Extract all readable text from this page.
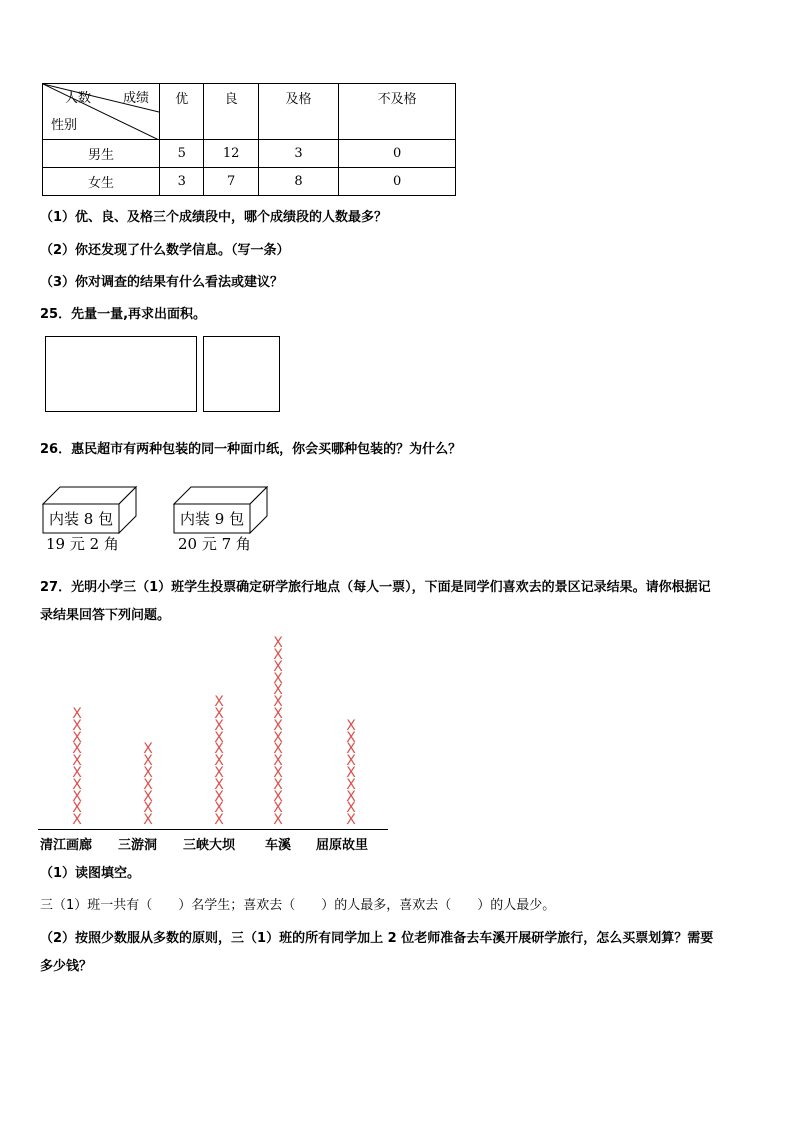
人数 成绩
性别	优	良	及格	不及格
男生	5	12	3	0
女生	3	7	8	0
（1）优、良、及格三个成绩段中，哪个成绩段的人数最多？
（2）你还发现了什么数学信息。（写一条）
（3）你对调查的结果有什么看法或建议？
25．先量一量,再求出面积。
26．惠民超市有两种包装的同一种面巾纸，你会买哪种包装的？为什么？
内装 8 包
19 元 2 角
内装 9 包
20 元 7 角
27．光明小学三（1）班学生投票确定研学旅行地点（每人一票），下面是同学们喜欢去的景区记录结果。请你根据记
录结果回答下列问题。
X
X
X
X
X
X
X
X
X
X
清江画廊
X
X
X
X
X
X
X
三游洞
X
X
X
X
X
X
X
X
X
X
X
三峡大坝
X
X
X
X
X
X
X
X
X
X
X
X
X
X
X
X
车溪
X
X
X
X
X
X
X
X
X
屈原故里
（1）读图填空。
三（1）班一共有（　　）名学生；喜欢去（　　）的人最多，喜欢去（　　）的人最少。
（2）按照少数服从多数的原则，三（1）班的所有同学加上 2 位老师准备去车溪开展研学旅行，怎么买票划算？需要
多少钱？
